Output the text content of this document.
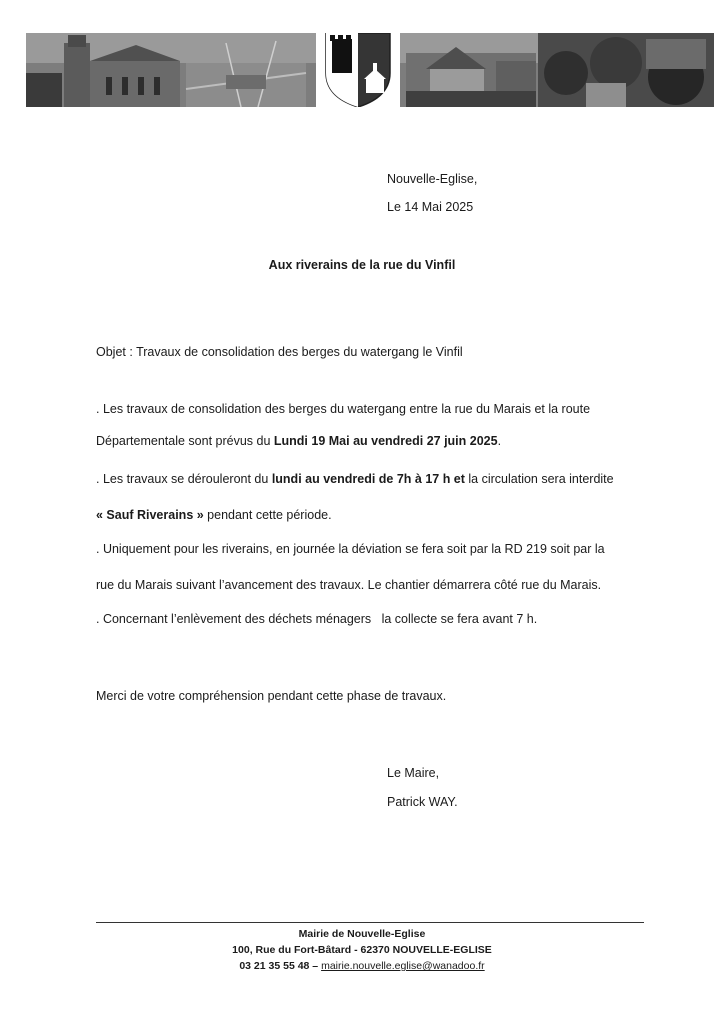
Nouvelle-Eglise,

Le 14 Mai 2025

Aux riverains de la rue du Vinfil

Objet : Travaux de consolidation des berges du watergang le Vinfil

. Les travaux de consolidation des berges du watergang entre la rue du Marais et la route

Départementale sont prévus du Lundi 19 Mai au vendredi 27 juin 2025.

. Les travaux se dérouleront du lundi au vendredi de 7h à 17 h et la circulation sera interdite

« Sauf Riverains » pendant cette période.

. Uniquement pour les riverains, en journée la déviation se fera soit par la RD 219 soit par la

rue du Marais suivant l’avancement des travaux. Le chantier démarrera côté rue du Marais.

. Concernant l’enlèvement des déchets ménagers   la collecte se fera avant 7 h.

Merci de votre compréhension pendant cette phase de travaux.

Le Maire,

Patrick WAY.

Mairie de Nouvelle-Eglise

100, Rue du Fort-Bâtard - 62370 NOUVELLE-EGLISE

03 21 35 55 48 – mairie.nouvelle.eglise@wanadoo.fr
